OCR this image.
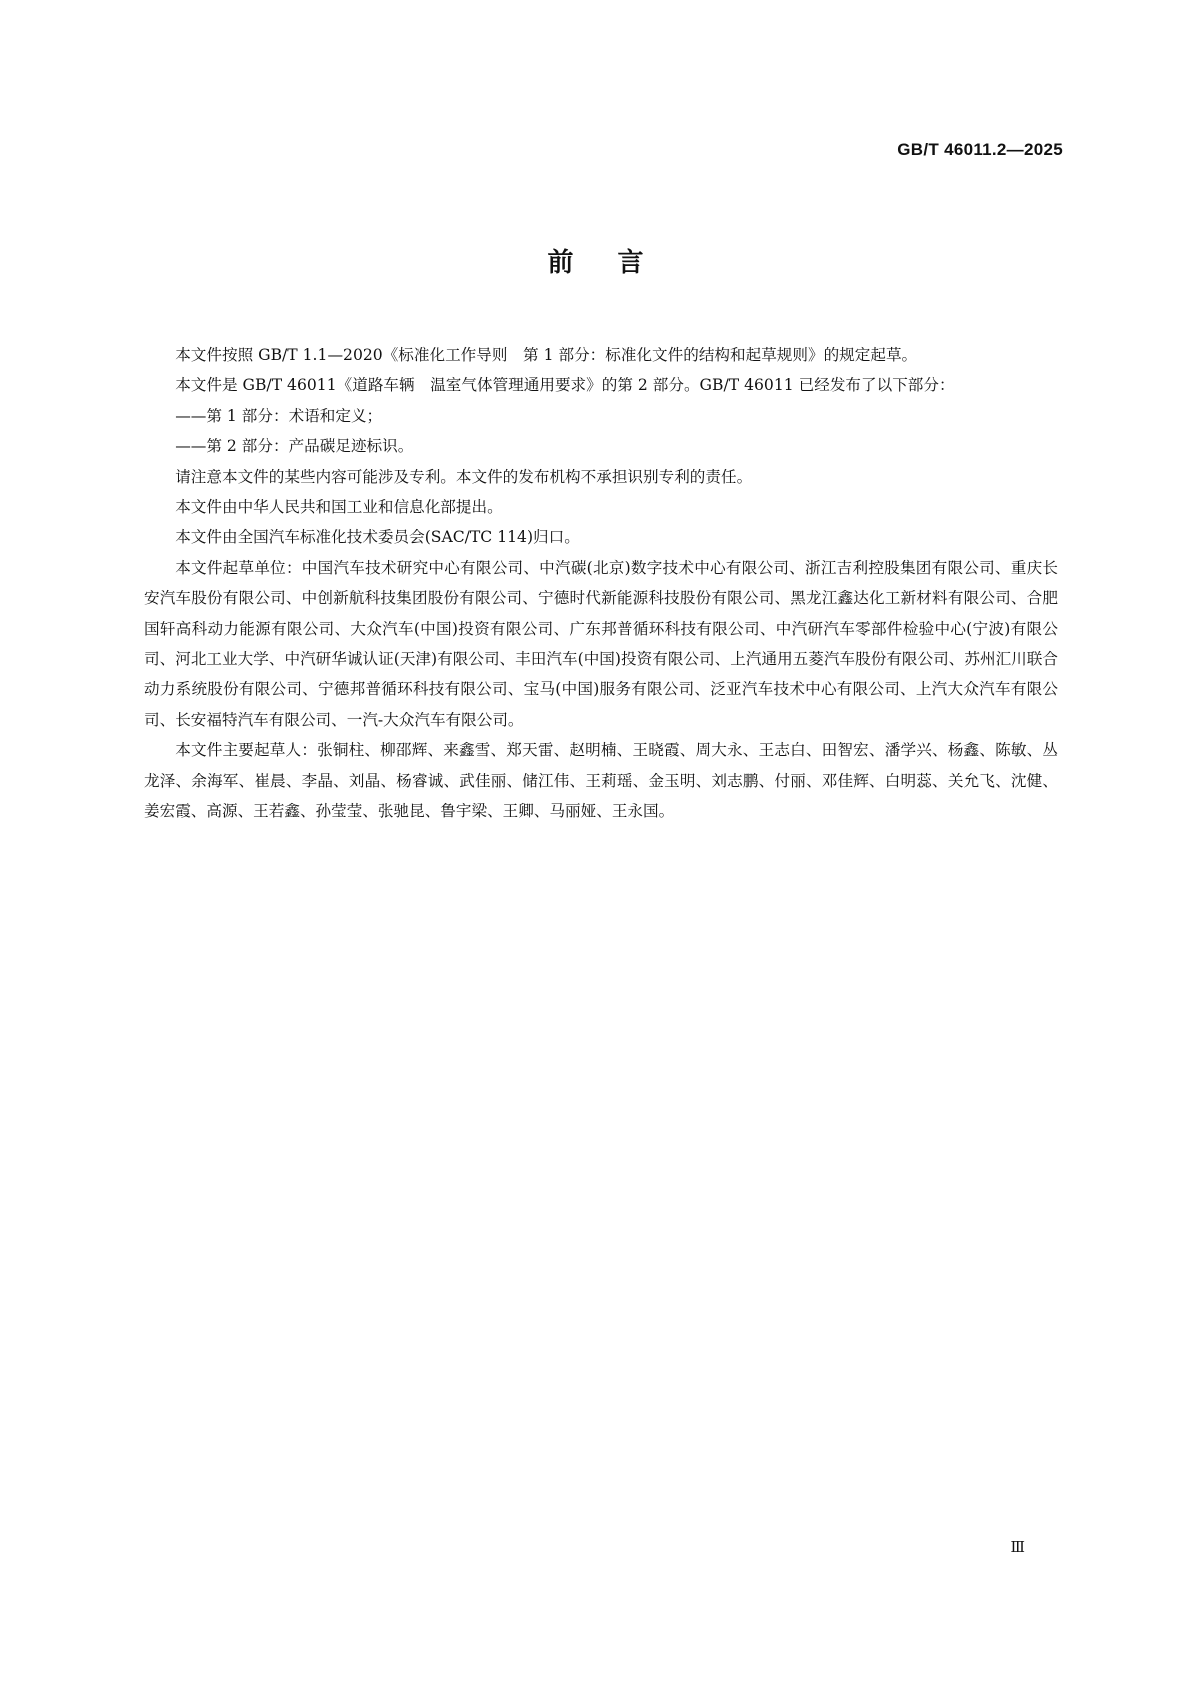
GB/T 46011.2—2025
前 言

本文件按照 GB/T 1.1—2020《标准化工作导则　第 1 部分：标准化文件的结构和起草规则》的规定起草。

本文件是 GB/T 46011《道路车辆　温室气体管理通用要求》的第 2 部分。GB/T 46011 已经发布了以下部分：

——第 1 部分：术语和定义；

——第 2 部分：产品碳足迹标识。

请注意本文件的某些内容可能涉及专利。本文件的发布机构不承担识别专利的责任。

本文件由中华人民共和国工业和信息化部提出。

本文件由全国汽车标准化技术委员会(SAC/TC 114)归口。

本文件起草单位：中国汽车技术研究中心有限公司、中汽碳(北京)数字技术中心有限公司、浙江吉利控股集团有限公司、重庆长安汽车股份有限公司、中创新航科技集团股份有限公司、宁德时代新能源科技股份有限公司、黑龙江鑫达化工新材料有限公司、合肥国轩高科动力能源有限公司、大众汽车(中国)投资有限公司、广东邦普循环科技有限公司、中汽研汽车零部件检验中心(宁波)有限公司、河北工业大学、中汽研华诚认证(天津)有限公司、丰田汽车(中国)投资有限公司、上汽通用五菱汽车股份有限公司、苏州汇川联合动力系统股份有限公司、宁德邦普循环科技有限公司、宝马(中国)服务有限公司、泛亚汽车技术中心有限公司、上汽大众汽车有限公司、长安福特汽车有限公司、一汽-大众汽车有限公司。

本文件主要起草人：张铜柱、柳邵辉、来鑫雪、郑天雷、赵明楠、王晓霞、周大永、王志白、田智宏、潘学兴、杨鑫、陈敏、丛龙泽、余海军、崔晨、李晶、刘晶、杨睿诚、武佳丽、储江伟、王莉瑶、金玉明、刘志鹏、付丽、邓佳辉、白明蕊、关允飞、沈健、姜宏霞、高源、王若鑫、孙莹莹、张驰昆、鲁宇梁、王卿、马丽娅、王永国。

Ⅲ
